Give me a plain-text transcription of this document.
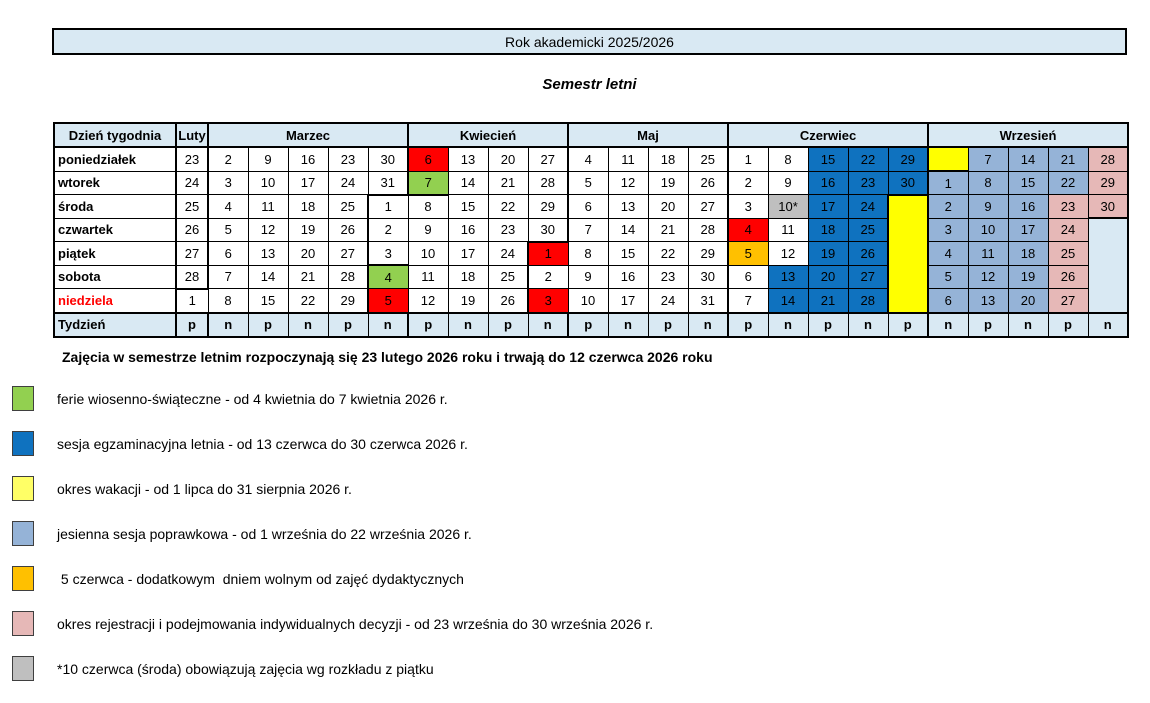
Rok akademicki 2025/2026
Semestr letni
Dzień tygodnia	Luty	Marzec					Kwiecień				Maj				Czerwiec					Wrzesień				
poniedziałek	23	2	9	16	23	30	6	13	20	27	4	11	18	25	1	8	15	22	29		7	14	21	28
wtorek	24	3	10	17	24	31	7	14	21	28	5	12	19	26	2	9	16	23	30	1	8	15	22	29
środa	25	4	11	18	25	1	8	15	22	29	6	13	20	27	3	10*	17	24		2	9	16	23	30
czwartek	26	5	12	19	26	2	9	16	23	30	7	14	21	28	4	11	18	25		3	10	17	24	
piątek	27	6	13	20	27	3	10	17	24	1	8	15	22	29	5	12	19	26		4	11	18	25	
sobota	28	7	14	21	28	4	11	18	25	2	9	16	23	30	6	13	20	27		5	12	19	26	
niedziela	1	8	15	22	29	5	12	19	26	3	10	17	24	31	7	14	21	28		6	13	20	27	
Tydzień	p	n	p	n	p	n	p	n	p	n	p	n	p	n	p	n	p	n	p	n	p	n	p	n
Zajęcia w semestrze letnim rozpoczynają się 23 lutego 2026 roku i trwają do 12 czerwca 2026 roku
ferie wiosenno-świąteczne - od 4 kwietnia do 7 kwietnia 2026 r.
sesja egzaminacyjna letnia - od 13 czerwca do 30 czerwca 2026 r.
okres wakacji - od 1 lipca do 31 sierpnia 2026 r.
jesienna sesja poprawkowa - od 1 września do 22 września 2026 r.
5 czerwca - dodatkowym  dniem wolnym od zajęć dydaktycznych
okres rejestracji i podejmowania indywidualnych decyzji - od 23 września do 30 września 2026 r.
*10 czerwca (środa) obowiązują zajęcia wg rozkładu z piątku
